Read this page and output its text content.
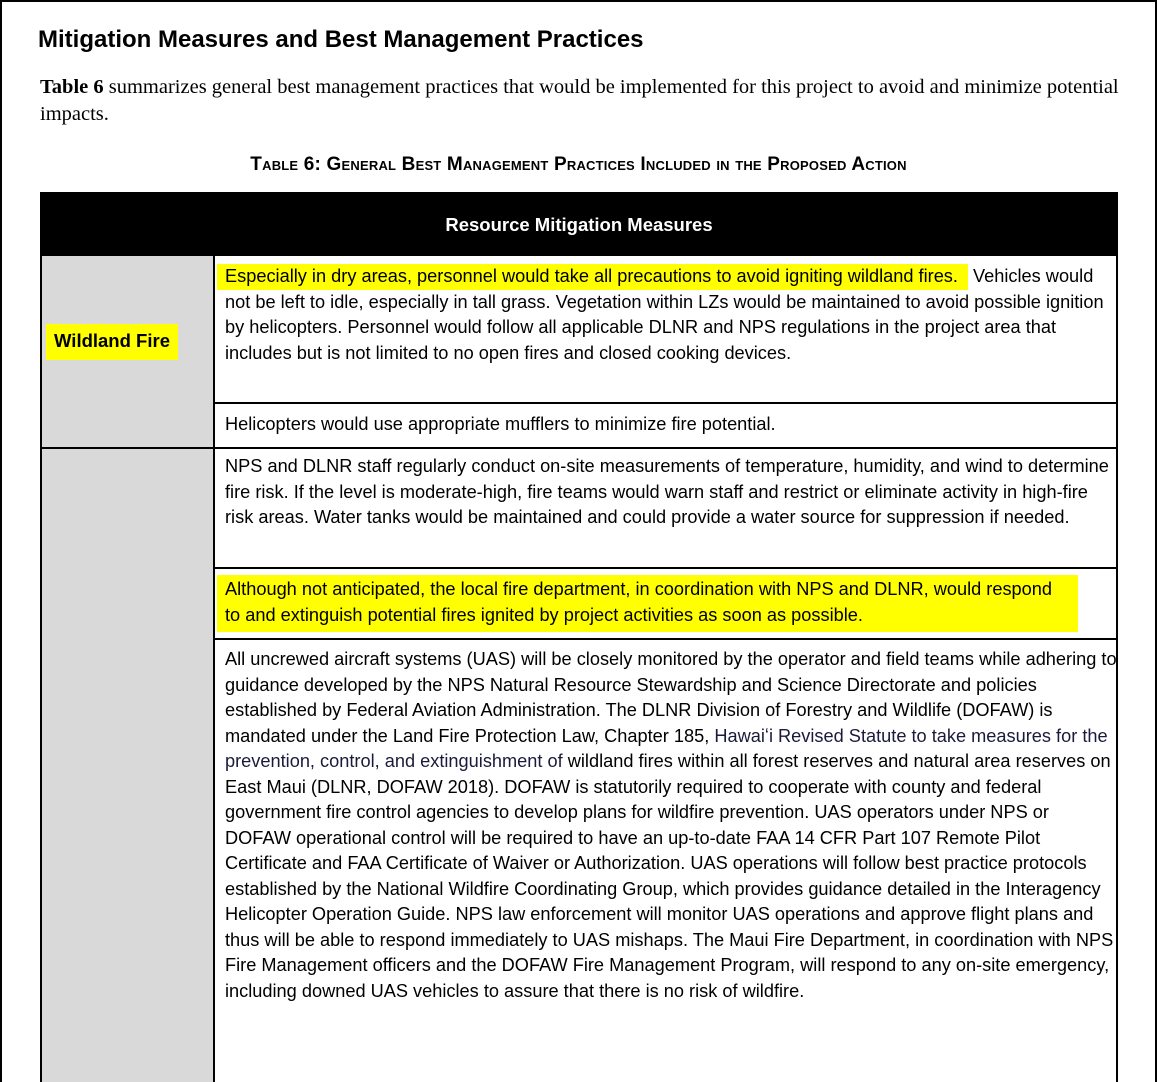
Mitigation Measures and Best Management Practices

Table 6 summarizes general best management practices that would be implemented for this project to avoid and minimize potential impacts.

Table 6: General Best Management Practices Included in the Proposed Action
Resource Mitigation Measures
Wildland Fire
Especially in dry areas, personnel would take all precautions to avoid igniting wildland fires. Vehicles would not be left to idle, especially in tall grass. Vegetation within LZs would be maintained to avoid possible ignition by helicopters. Personnel would follow all applicable DLNR and NPS regulations in the project area that includes but is not limited to no open fires and closed cooking devices.
Helicopters would use appropriate mufflers to minimize fire potential.
NPS and DLNR staff regularly conduct on-site measurements of temperature, humidity, and wind to determine fire risk. If the level is moderate-high, fire teams would warn staff and restrict or eliminate activity in high-fire risk areas. Water tanks would be maintained and could provide a water source for suppression if needed.
Although not anticipated, the local fire department, in coordination with NPS and DLNR, would respond to and extinguish potential fires ignited by project activities as soon as possible.
All uncrewed aircraft systems (UAS) will be closely monitored by the operator and field teams while adhering to guidance developed by the NPS Natural Resource Stewardship and Science Directorate and policies established by Federal Aviation Administration. The DLNR Division of Forestry and Wildlife (DOFAW) is mandated under the Land Fire Protection Law, Chapter 185, Hawaiʻi Revised Statute to take measures for the prevention, control, and extinguishment of wildland fires within all forest reserves and natural area reserves on East Maui (DLNR, DOFAW 2018). DOFAW is statutorily required to cooperate with county and federal government fire control agencies to develop plans for wildfire prevention. UAS operators under NPS or DOFAW operational control will be required to have an up-to-date FAA 14 CFR Part 107 Remote Pilot Certificate and FAA Certificate of Waiver or Authorization. UAS operations will follow best practice protocols established by the National Wildfire Coordinating Group, which provides guidance detailed in the Interagency Helicopter Operation Guide. NPS law enforcement will monitor UAS operations and approve flight plans and thus will be able to respond immediately to UAS mishaps. The Maui Fire Department, in coordination with NPS Fire Management officers and the DOFAW Fire Management Program, will respond to any on-site emergency, including downed UAS vehicles to assure that there is no risk of wildfire.
